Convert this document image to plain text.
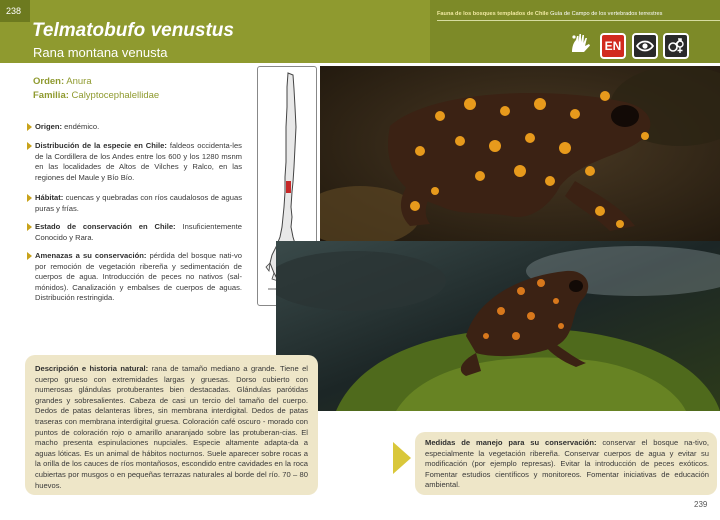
238
Telmatobufo venustus
Rana montana venusta
Fauna de los bosques templados de Chile Guía de Campo de los vertebrados terrestres
EN
Orden: Anura
Familia: Calyptocephalellidae
Origen: endémico.
Distribución de la especie en Chile: faldeos occidenta-les de la Cordillera de los Andes entre los 600 y los 1280 msnm en las localidades de Altos de Vilches y Ralco, en las regiones del Maule y Bío Bío.
Hábitat: cuencas y quebradas con ríos caudalosos de aguas puras y frías.
Estado de conservación en Chile: Insuficientemente Conocido y Rara.
Amenazas a su conservación: pérdida del bosque nati-vo por remoción de vegetación ribereña y sedimentación de cuerpos de agua. Introducción de peces no nativos (sal-mónidos). Canalización y embalses de cuerpos de aguas. Distribución restringida.

Descripción e historia natural: rana de tamaño mediano a grande. Tiene el cuerpo grueso con extremidades largas y gruesas. Dorso cubierto con numerosas glándulas protuberantes bien destacadas. Glándulas parótidas grandes y sobresalientes. Cabeza de casi un tercio del tamaño del cuerpo. Dedos de patas delanteras libres, sin membrana interdigital. Dedos de patas traseras con membrana interdigital gruesa. Coloración café oscuro - morado con puntos de coloración rojo o amarillo anaranjado sobre las protuberan-cias. El macho presenta espinulaciones nupciales. Especie altamente adapta-da a aguas lóticas. Es un animal de hábitos nocturnos. Suele aparecer sobre rocas a la orilla de los cauces de ríos montañosos, escondido entre cavidades en la roca cubiertas por musgos o en pequeñas terrazas naturales al borde del río. 70 – 80 huevos.

Medidas de manejo para su conservación: conservar el bosque na-tivo, especialmente la vegetación ribereña. Conservar cuerpos de agua y evitar su modificación (por ejemplo represas). Evitar la introducción de peces exóticos. Fomentar estudios científicos y monitoreos. Fomentar iniciativas de educación ambiental.

239
